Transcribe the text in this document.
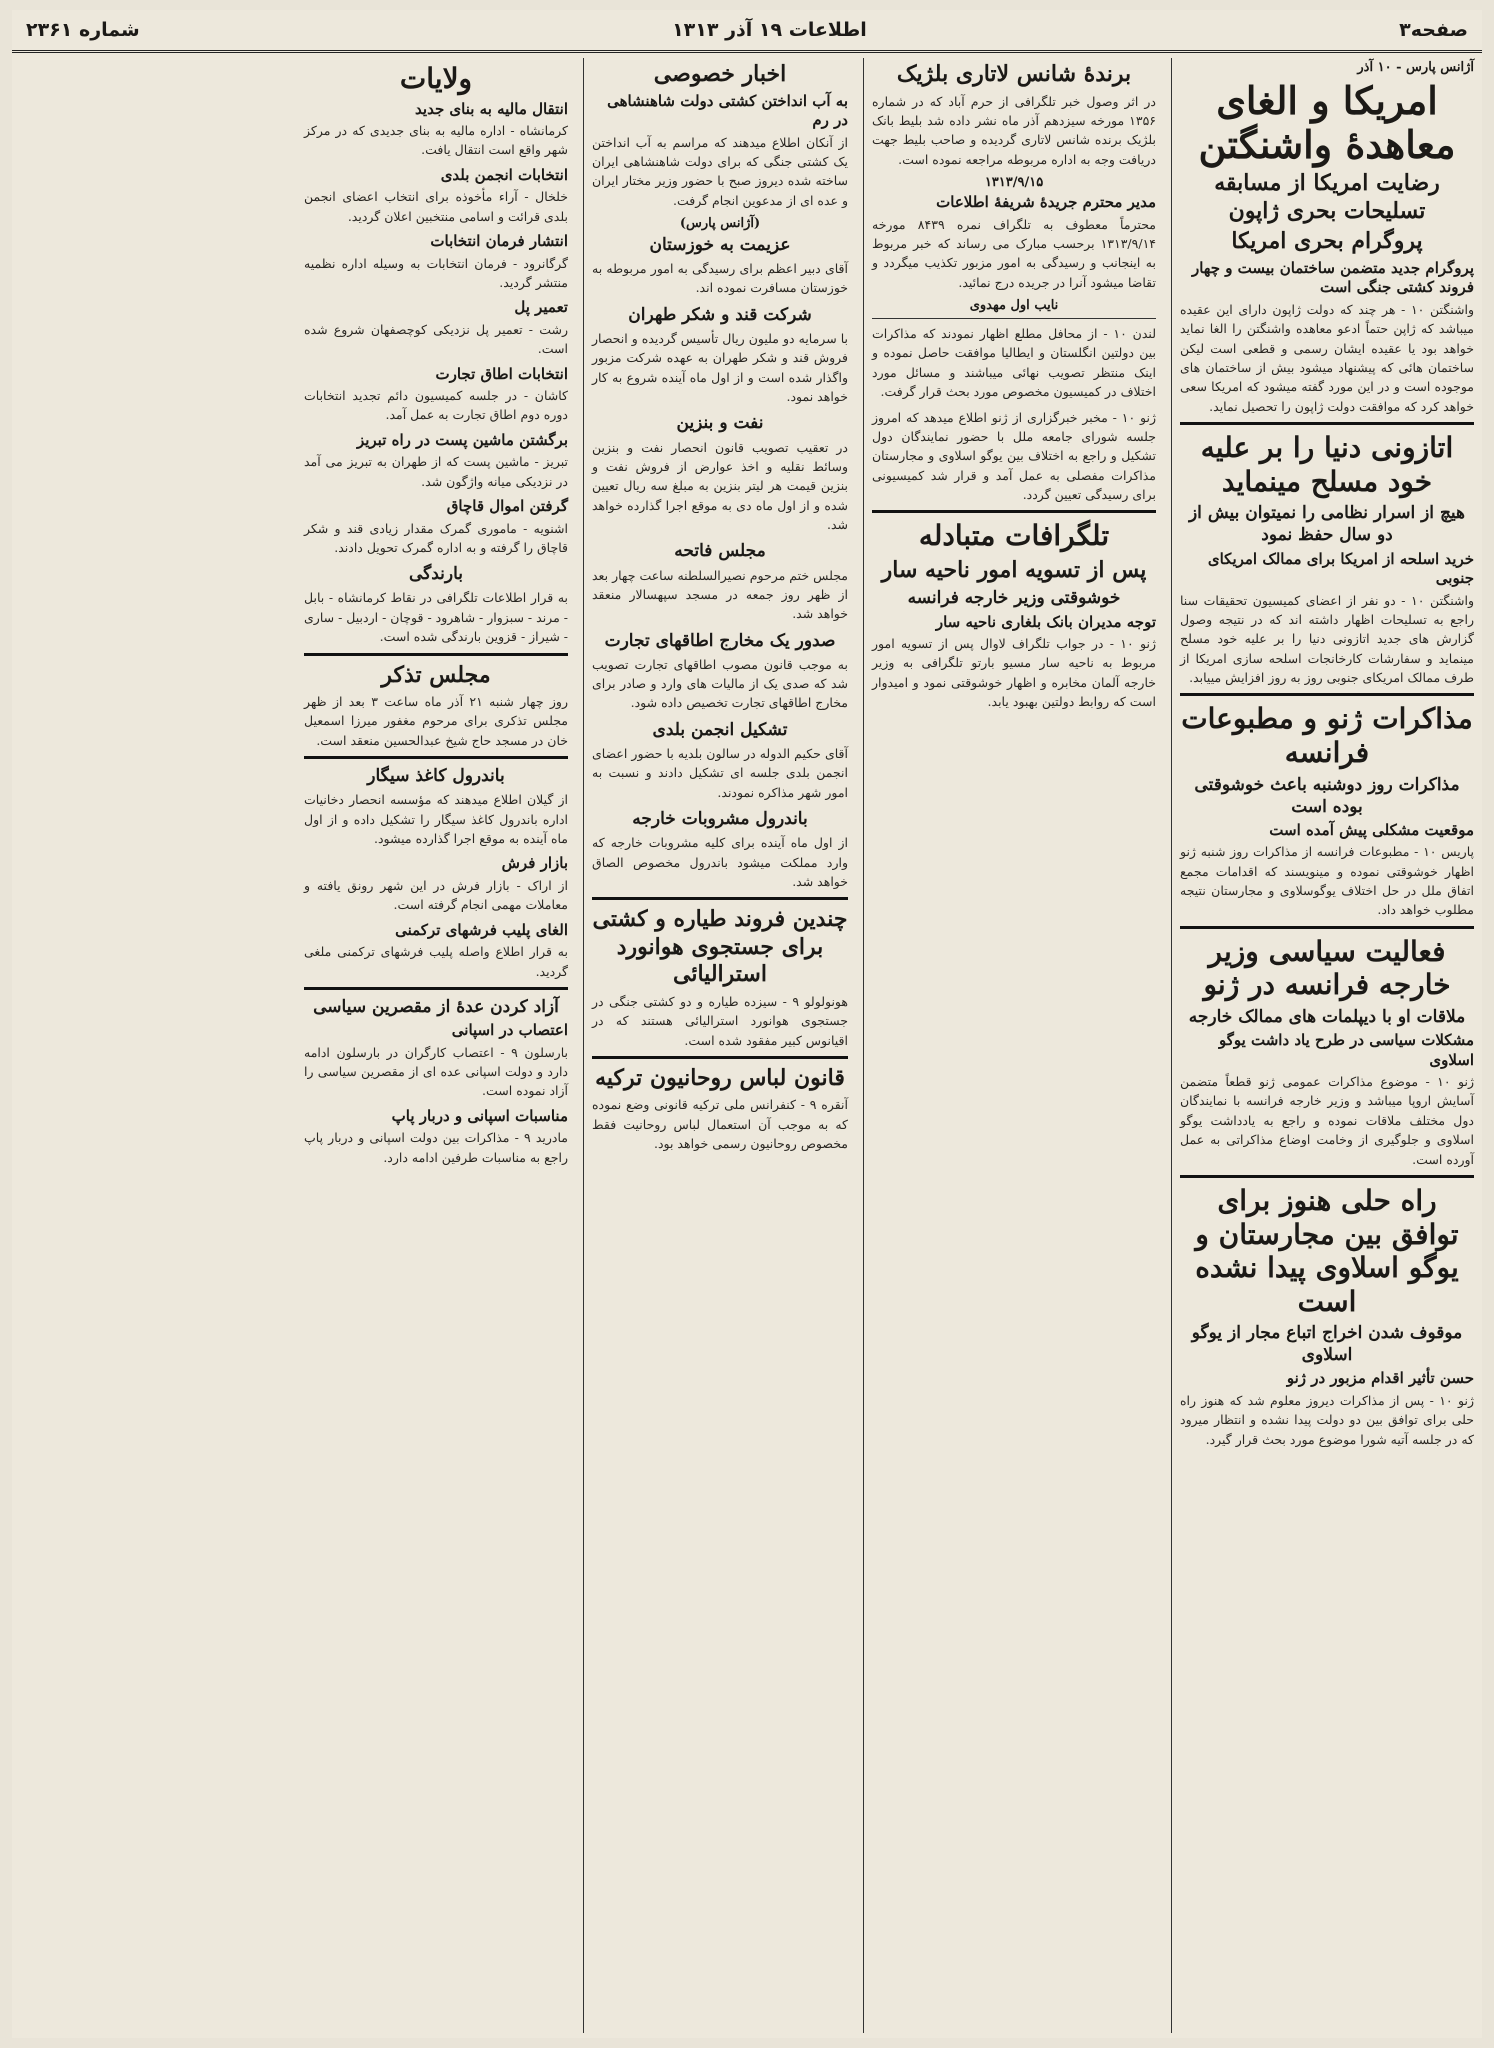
صفحه۳
اطلاعات ۱۹ آذر ۱۳۱۳
شماره ۲۳۶۱
آژانس پارس - ۱۰ آذر
امریکا و الغای معاهدهٔ واشنگتن
رضایت امریکا از مسابقه تسلیحات بحری ژاپون
پروگرام بحری امریکا
پروگرام جدید متضمن ساختمان بیست و چهار فروند کشتی جنگی است
واشنگتن ۱۰ - هر چند که دولت ژاپون دارای این عقیده میباشد که ژاپن حتماً ادعو معاهده واشنگتن را الغا نماید خواهد بود یا عقیده ایشان رسمی و قطعی است لیکن ساختمان هائی که پیشنهاد میشود بیش از ساختمان های موجوده است و در این مورد گفته میشود که امریکا سعی خواهد کرد که موافقت دولت ژاپون را تحصیل نماید.
اتازونی دنیا را بر علیه خود مسلح مینماید
هیچ از اسرار نظامی را نمیتوان بیش از دو سال حفظ نمود
خرید اسلحه از امریکا برای ممالک امریکای جنوبی
واشنگتن ۱۰ - دو نفر از اعضای کمیسیون تحقیقات سنا راجع به تسلیحات اظهار داشته اند که در نتیجه وصول گزارش های جدید اتازونی دنیا را بر علیه خود مسلح مینماید و سفارشات کارخانجات اسلحه سازی امریکا از طرف ممالک امریکای جنوبی روز به روز افزایش مییابد.
مذاکرات ژنو و مطبوعات فرانسه
مذاکرات روز دوشنبه باعث خوشوقتی بوده است
موقعیت مشکلی پیش آمده است
پاریس ۱۰ - مطبوعات فرانسه از مذاکرات روز شنبه ژنو اظهار خوشوقتی نموده و مینویسند که اقدامات مجمع اتفاق ملل در حل اختلاف یوگوسلاوی و مجارستان نتیجه مطلوب خواهد داد.
فعالیت سیاسی وزیر خارجه فرانسه در ژنو
ملاقات او با دیپلمات های ممالک خارجه
مشکلات سیاسی در طرح یاد داشت یوگو اسلاوی
ژنو ۱۰ - موضوع مذاکرات عمومی ژنو قطعاً متضمن آسایش اروپا میباشد و وزیر خارجه فرانسه با نمایندگان دول مختلف ملاقات نموده و راجع به یادداشت یوگو اسلاوی و جلوگیری از وخامت اوضاع مذاکراتی به عمل آورده است.
راه حلی هنوز برای توافق بین مجارستان و یوگو اسلاوی پیدا نشده است
موقوف شدن اخراج اتباع مجار از یوگو اسلاوی
حسن تأثیر اقدام مزبور در ژنو
ژنو ۱۰ - پس از مذاکرات دیروز معلوم شد که هنوز راه حلی برای توافق بین دو دولت پیدا نشده و انتظار میرود که در جلسه آتیه شورا موضوع مورد بحث قرار گیرد.
برندهٔ شانس لاتاری بلژیک
در اثر وصول خبر تلگرافی از حرم آباد که در شماره ۱۳۵۶ مورخه سیزدهم آذر ماه نشر داده شد بلیط بانک بلژیک برنده شانس لاتاری گردیده و صاحب بلیط جهت دریافت وجه به اداره مربوطه مراجعه نموده است.
۱۳۱۳/۹/۱۵
مدیر محترم جریدهٔ شریفهٔ اطلاعات
محترماً معطوف به تلگراف نمره ۸۴۳۹ مورخه ۱۳۱۳/۹/۱۴ برحسب مبارک می رساند که خبر مربوط به اینجانب و رسیدگی به امور مزبور تکذیب میگردد و تقاضا میشود آنرا در جریده درج نمائید.
نایب اول مهدوی
لندن ۱۰ - از محافل مطلع اظهار نمودند که مذاکرات بین دولتین انگلستان و ایطالیا موافقت حاصل نموده و اینک منتظر تصویب نهائی میباشند و مسائل مورد اختلاف در کمیسیون مخصوص مورد بحث قرار گرفت.
ژنو ۱۰ - مخبر خبرگزاری از ژنو اطلاع میدهد که امروز جلسه شورای جامعه ملل با حضور نمایندگان دول تشکیل و راجع به اختلاف بین یوگو اسلاوی و مجارستان مذاکرات مفصلی به عمل آمد و قرار شد کمیسیونی برای رسیدگی تعیین گردد.
تلگرافات متبادله
پس از تسویه امور ناحیه سار
خوشوقتی وزیر خارجه فرانسه
توجه مدیران بانک بلغاری ناحیه سار
ژنو ۱۰ - در جواب تلگراف لاوال پس از تسویه امور مربوط به ناحیه سار مسیو بارتو تلگرافی به وزیر خارجه آلمان مخابره و اظهار خوشوقتی نمود و امیدوار است که روابط دولتین بهبود یابد.
اخبار خصوصی
به آب انداختن کشتی دولت شاهنشاهی در رم
از آنکان اطلاع میدهند که مراسم به آب انداختن یک کشتی جنگی که برای دولت شاهنشاهی ایران ساخته شده دیروز صبح با حضور وزیر مختار ایران و عده ای از مدعوین انجام گرفت.
(آژانس پارس)
عزیمت به خوزستان
آقای دبیر اعظم برای رسیدگی به امور مربوطه به خوزستان مسافرت نموده اند.
شرکت قند و شکر طهران
با سرمایه دو ملیون ریال تأسیس گردیده و انحصار فروش قند و شکر طهران به عهده شرکت مزبور واگذار شده است و از اول ماه آینده شروع به کار خواهد نمود.
نفت و بنزین
در تعقیب تصویب قانون انحصار نفت و بنزین وسائط نقلیه و اخذ عوارض از فروش نفت و بنزین قیمت هر لیتر بنزین به مبلغ سه ریال تعیین شده و از اول ماه دی به موقع اجرا گذارده خواهد شد.
مجلس فاتحه
مجلس ختم مرحوم نصیرالسلطنه ساعت چهار بعد از ظهر روز جمعه در مسجد سپهسالار منعقد خواهد شد.
صدور یک مخارج اطاقهای تجارت
به موجب قانون مصوب اطاقهای تجارت تصویب شد که صدی یک از مالیات های وارد و صادر برای مخارج اطاقهای تجارت تخصیص داده شود.
تشکیل انجمن بلدی
آقای حکیم الدوله در سالون بلدیه با حضور اعضای انجمن بلدی جلسه ای تشکیل دادند و نسبت به امور شهر مذاکره نمودند.
باندرول مشروبات خارجه
از اول ماه آینده برای کلیه مشروبات خارجه که وارد مملکت میشود باندرول مخصوص الصاق خواهد شد.
چندین فروند طیاره و کشتی برای جستجوی هوانورد استرالیائی
هونولولو ۹ - سیزده طیاره و دو کشتی جنگی در جستجوی هوانورد استرالیائی هستند که در اقیانوس کبیر مفقود شده است.
قانون لباس روحانیون ترکیه
آنقره ۹ - کنفرانس ملی ترکیه قانونی وضع نموده که به موجب آن استعمال لباس روحانیت فقط مخصوص روحانیون رسمی خواهد بود.
ولایات
انتقال مالیه به بنای جدید
کرمانشاه - اداره مالیه به بنای جدیدی که در مرکز شهر واقع است انتقال یافت.
انتخابات انجمن بلدی
خلخال - آراء مأخوذه برای انتخاب اعضای انجمن بلدی قرائت و اسامی منتخبین اعلان گردید.
انتشار فرمان انتخابات
گرگانرود - فرمان انتخابات به وسیله اداره نظمیه منتشر گردید.
تعمیر پل
رشت - تعمیر پل نزدیکی کوچصفهان شروع شده است.
انتخابات اطاق تجارت
کاشان - در جلسه کمیسیون دائم تجدید انتخابات دوره دوم اطاق تجارت به عمل آمد.
برگشتن ماشین پست در راه تبریز
تبریز - ماشین پست که از طهران به تبریز می آمد در نزدیکی میانه واژگون شد.
گرفتن اموال قاچاق
اشنویه - ماموری گمرک مقدار زیادی قند و شکر قاچاق را گرفته و به اداره گمرک تحویل دادند.
بارندگی
به قرار اطلاعات تلگرافی در نقاط کرمانشاه - بابل - مرند - سبزوار - شاهرود - قوچان - اردبیل - ساری - شیراز - قزوین بارندگی شده است.
مجلس تذکر
روز چهار شنبه ۲۱ آذر ماه ساعت ۳ بعد از ظهر مجلس تذکری برای مرحوم مغفور میرزا اسمعیل خان در مسجد حاج شیخ عبدالحسین منعقد است.
باندرول کاغذ سیگار
از گیلان اطلاع میدهند که مؤسسه انحصار دخانیات اداره باندرول کاغذ سیگار را تشکیل داده و از اول ماه آینده به موقع اجرا گذارده میشود.
بازار فرش
از اراک - بازار فرش در این شهر رونق یافته و معاملات مهمی انجام گرفته است.
الغای پلیب فرشهای ترکمنی
به قرار اطلاع واصله پلیب فرشهای ترکمنی ملغی گردید.
آزاد کردن عدهٔ از مقصرین سیاسی
اعتصاب در اسپانی
بارسلون ۹ - اعتصاب کارگران در بارسلون ادامه دارد و دولت اسپانی عده ای از مقصرین سیاسی را آزاد نموده است.
مناسبات اسپانی و دربار پاپ
مادرید ۹ - مذاکرات بین دولت اسپانی و دربار پاپ راجع به مناسبات طرفین ادامه دارد.
